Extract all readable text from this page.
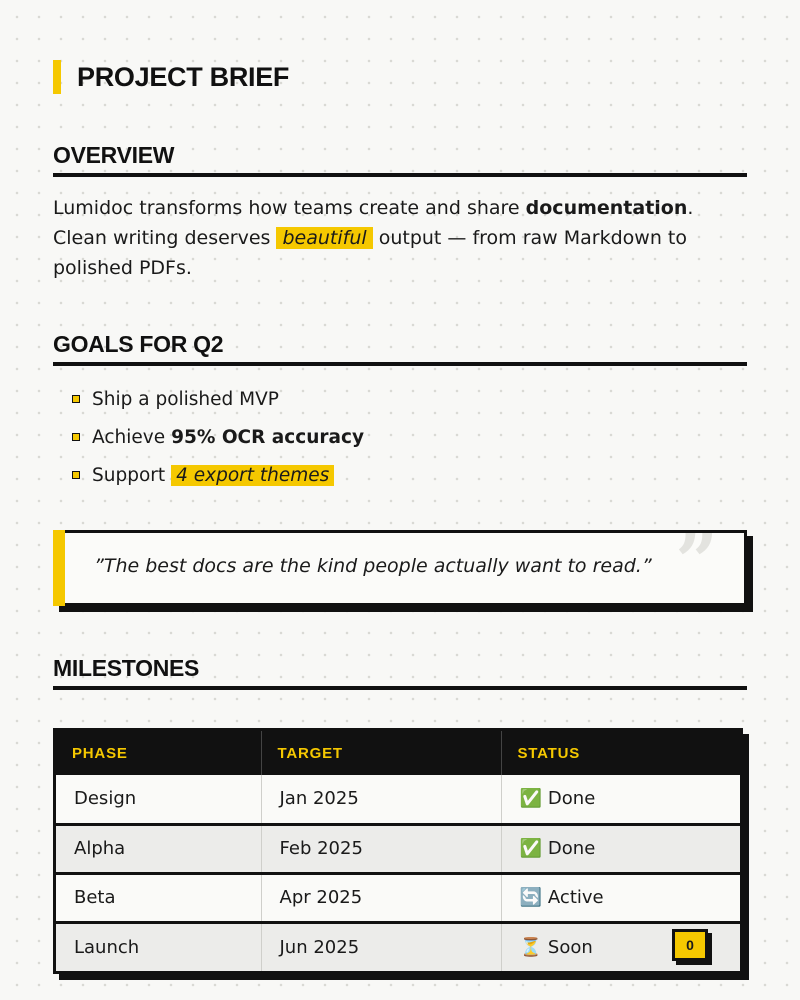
PROJECT BRIEF
OVERVIEW

Lumidoc transforms how teams create and share documentation. Clean writing deserves beautiful output — from raw Markdown to polished PDFs.

GOALS FOR Q2
Ship a polished MVP
Achieve 95% OCR accuracy
Support 4 export themes
”

”The best docs are the kind people actually want to read.”

MILESTONES
PHASE	TARGET	STATUS
Design	Jan 2025	✅ Done
Alpha	Feb 2025	✅ Done
Beta	Apr 2025	🔄 Active
Launch	Jun 2025	⏳ Soon 0
